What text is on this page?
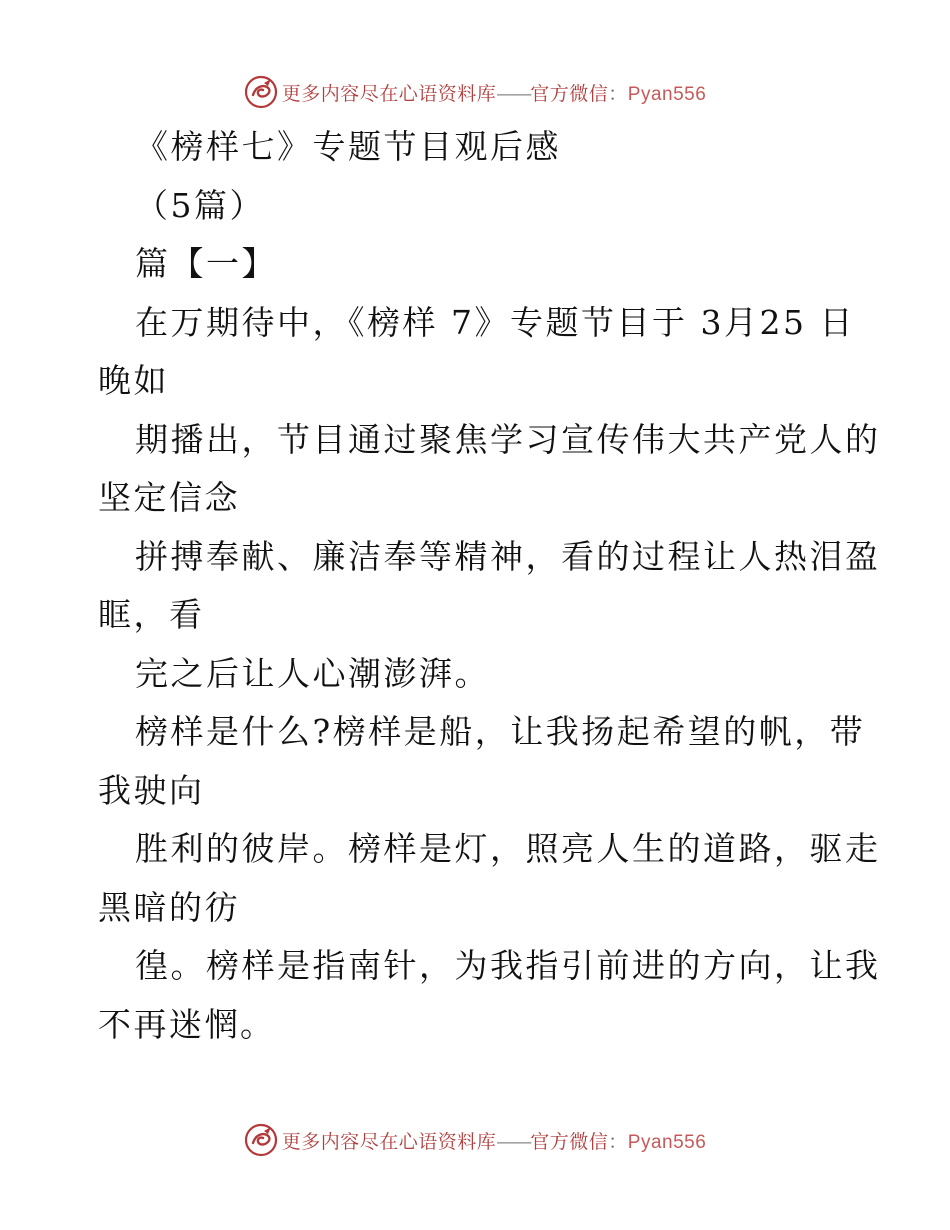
更多内容尽在心语资料库——官方微信：Pyan556
《榜样七》专题节目观后感
（5篇）
篇【一】
在万期待中，《榜样 7》专题节目于 3月25 日
晚如
期播出，节目通过聚焦学习宣传伟大共产党人的
坚定信念
拼搏奉献、廉洁奉等精神，看的过程让人热泪盈
眶，看
完之后让人心潮澎湃。
榜样是什么?榜样是船，让我扬起希望的帆，带
我驶向
胜利的彼岸。榜样是灯，照亮人生的道路，驱走
黑暗的彷
徨。榜样是指南针，为我指引前进的方向，让我
不再迷惘。
更多内容尽在心语资料库——官方微信：Pyan556
